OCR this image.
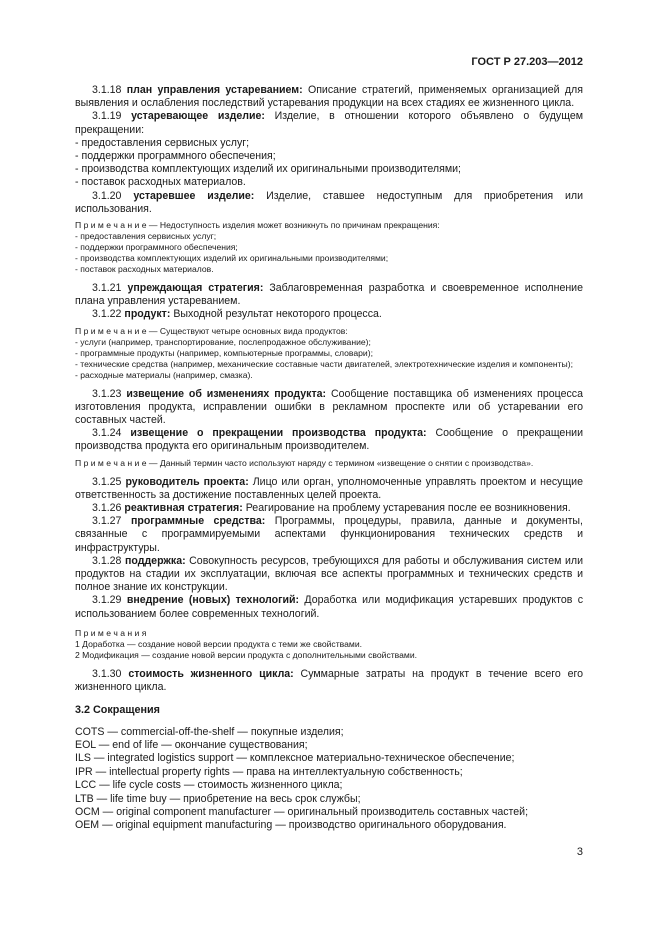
ГОСТ Р 27.203—2012

3.1.18 план управления устареванием: Описание стратегий, применяемых организацией для выявления и ослабления последствий устаревания продукции на всех стадиях ее жизненного цикла.

3.1.19 устаревающее изделие: Изделие, в отношении которого объявлено о будущем прекращении:

- предоставления сервисных услуг;
- поддержки программного обеспечения;
- производства комплектующих изделий их оригинальными производителями;
- поставок расходных материалов.

3.1.20 устаревшее изделие: Изделие, ставшее недоступным для приобретения или использования.

П р и м е ч а н и е — Недоступность изделия может возникнуть по причинам прекращения:

- предоставления сервисных услуг;
- поддержки программного обеспечения;
- производства комплектующих изделий их оригинальными производителями;
- поставок расходных материалов.

3.1.21 упреждающая стратегия: Заблаговременная разработка и своевременное исполнение плана управления устареванием.

3.1.22 продукт: Выходной результат некоторого процесса.

П р и м е ч а н и е — Существуют четыре основных вида продуктов:

- услуги (например, транспортирование, послепродажное обслуживание);
- программные продукты (например, компьютерные программы, словари);
- технические средства (например, механические составные части двигателей, электротехнические изделия и компоненты);
- расходные материалы (например, смазка).

3.1.23 извещение об изменениях продукта: Сообщение поставщика об изменениях процесса изготовления продукта, исправлении ошибки в рекламном проспекте или об устаревании его составных частей.

3.1.24 извещение о прекращении производства продукта: Сообщение о прекращении производства продукта его оригинальным производителем.

П р и м е ч а н и е — Данный термин часто используют наряду с термином «извещение о снятии с производства».

3.1.25 руководитель проекта: Лицо или орган, уполномоченные управлять проектом и несущие ответственность за достижение поставленных целей проекта.

3.1.26 реактивная стратегия: Реагирование на проблему устаревания после ее возникновения.

3.1.27 программные средства: Программы, процедуры, правила, данные и документы, связанные с программируемыми аспектами функционирования технических средств и инфраструктуры.

3.1.28 поддержка: Совокупность ресурсов, требующихся для работы и обслуживания систем или продуктов на стадии их эксплуатации, включая все аспекты программных и технических средств и полное знание их конструкции.

3.1.29 внедрение (новых) технологий: Доработка или модификация устаревших продуктов с использованием более современных технологий.

П р и м е ч а н и я
1 Доработка — создание новой версии продукта с теми же свойствами.
2 Модификация — создание новой версии продукта с дополнительными свойствами.

3.1.30 стоимость жизненного цикла: Суммарные затраты на продукт в течение всего его жизненного цикла.

3.2 Сокращения
COTS — commercial-off-the-shelf — покупные изделия;
EOL — end of life — окончание существования;
ILS — integrated logistics support — комплексное материально-техническое обеспечение;
IPR — intellectual property rights — права на интеллектуальную собственность;
LCC — life cycle costs — стоимость жизненного цикла;
LTB — life time buy — приобретение на весь срок службы;
OCM — original component manufacturer — оригинальный производитель составных частей;
OEM — original equipment manufacturing — производство оригинального оборудования.
3
